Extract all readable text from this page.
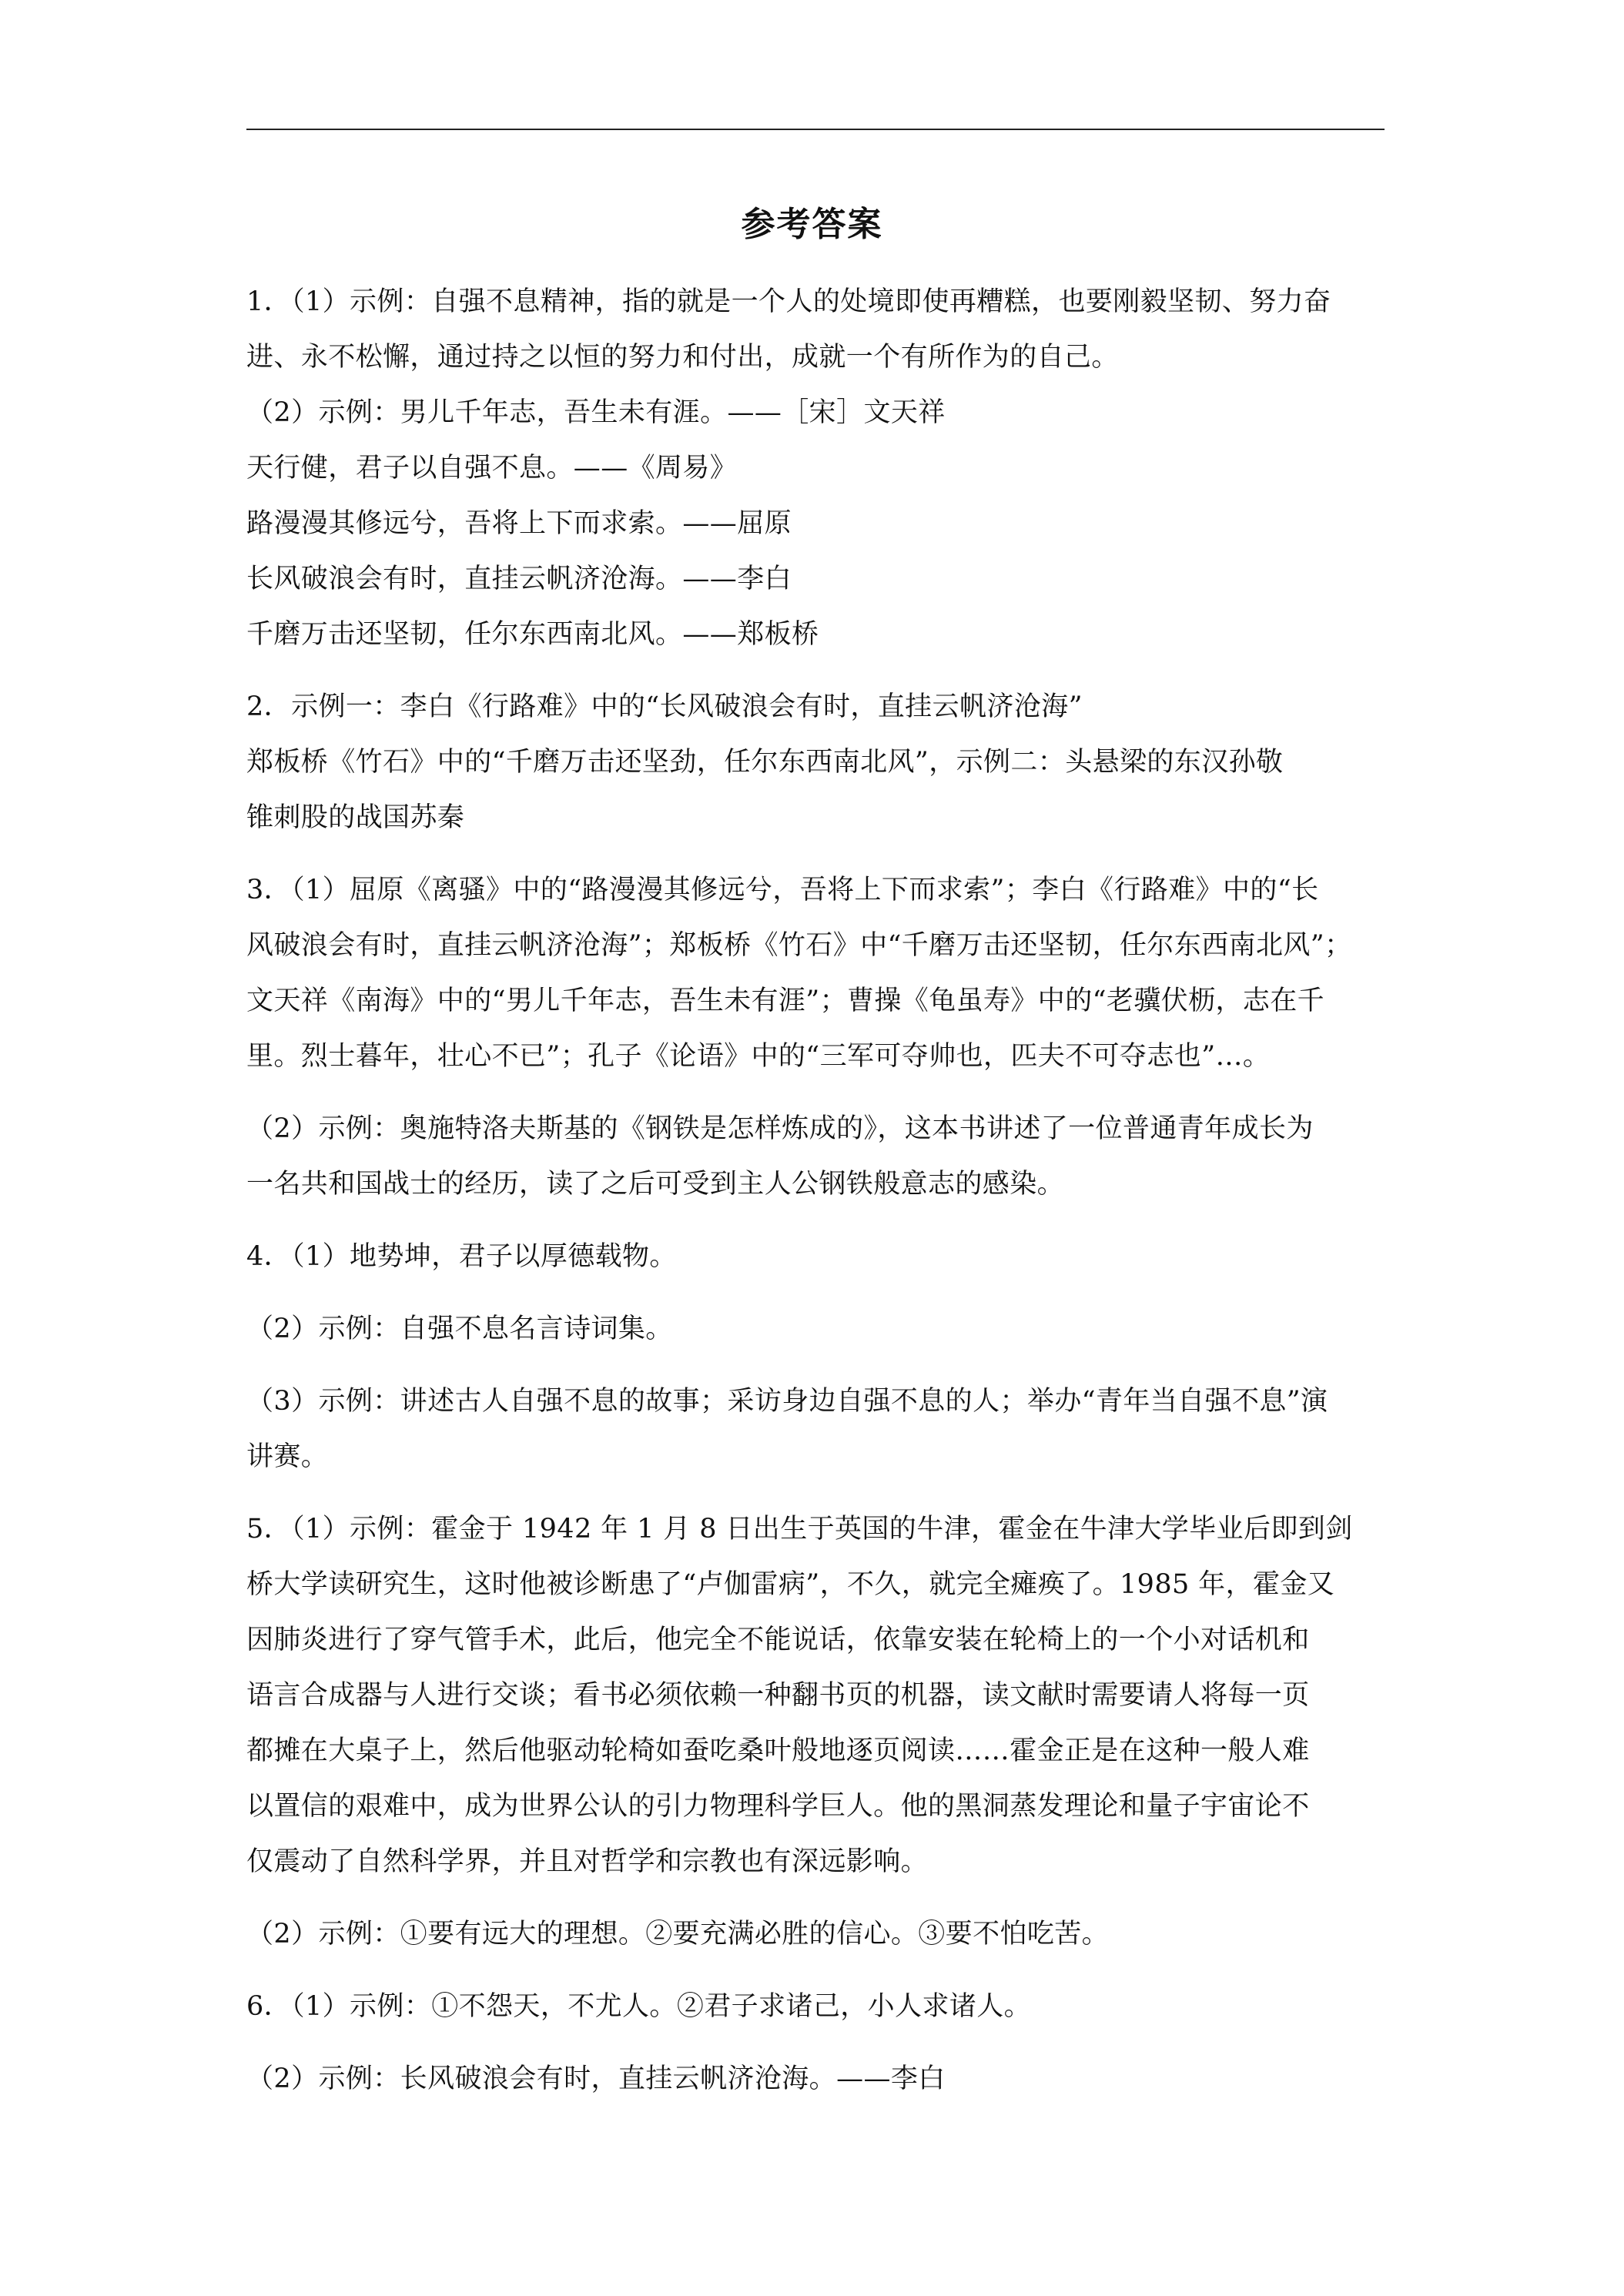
参考答案
1．（1）示例：自强不息精神，指的就是一个人的处境即使再糟糕，也要刚毅坚韧、努力奋
进、永不松懈，通过持之以恒的努力和付出，成就一个有所作为的自己。
（2）示例：男儿千年志，吾生未有涯。——［宋］文天祥
天行健，君子以自强不息。——《周易》
路漫漫其修远兮，吾将上下而求索。——屈原
长风破浪会有时，直挂云帆济沧海。——李白
千磨万击还坚韧，任尔东西南北风。——郑板桥
2．示例一：李白《行路难》中的“长风破浪会有时，直挂云帆济沧海”
郑板桥《竹石》中的“千磨万击还坚劲，任尔东西南北风”，示例二：头悬梁的东汉孙敬
锥刺股的战国苏秦
3．（1）屈原《离骚》中的“路漫漫其修远兮，吾将上下而求索”；李白《行路难》中的“长
风破浪会有时，直挂云帆济沧海”；郑板桥《竹石》中“千磨万击还坚韧，任尔东西南北风”；
文天祥《南海》中的“男儿千年志，吾生未有涯”；曹操《龟虽寿》中的“老骥伏枥，志在千
里。烈士暮年，壮心不已”；孔子《论语》中的“三军可夺帅也，匹夫不可夺志也”…。
（2）示例：奥施特洛夫斯基的《钢铁是怎样炼成的》，这本书讲述了一位普通青年成长为
一名共和国战士的经历，读了之后可受到主人公钢铁般意志的感染。
4．（1）地势坤，君子以厚德载物。
（2）示例：自强不息名言诗词集。
（3）示例：讲述古人自强不息的故事；采访身边自强不息的人；举办“青年当自强不息”演
讲赛。
5．（1）示例：霍金于 1942 年 1 月 8 日出生于英国的牛津，霍金在牛津大学毕业后即到剑
桥大学读研究生，这时他被诊断患了“卢伽雷病”，不久，就完全瘫痪了。1985 年，霍金又
因肺炎进行了穿气管手术，此后，他完全不能说话，依靠安装在轮椅上的一个小对话机和
语言合成器与人进行交谈；看书必须依赖一种翻书页的机器，读文献时需要请人将每一页
都摊在大桌子上，然后他驱动轮椅如蚕吃桑叶般地逐页阅读……霍金正是在这种一般人难
以置信的艰难中，成为世界公认的引力物理科学巨人。他的黑洞蒸发理论和量子宇宙论不
仅震动了自然科学界，并且对哲学和宗教也有深远影响。
（2）示例：①要有远大的理想。②要充满必胜的信心。③要不怕吃苦。
6．（1）示例：①不怨天，不尤人。②君子求诸己，小人求诸人。
（2）示例：长风破浪会有时，直挂云帆济沧海。——李白
